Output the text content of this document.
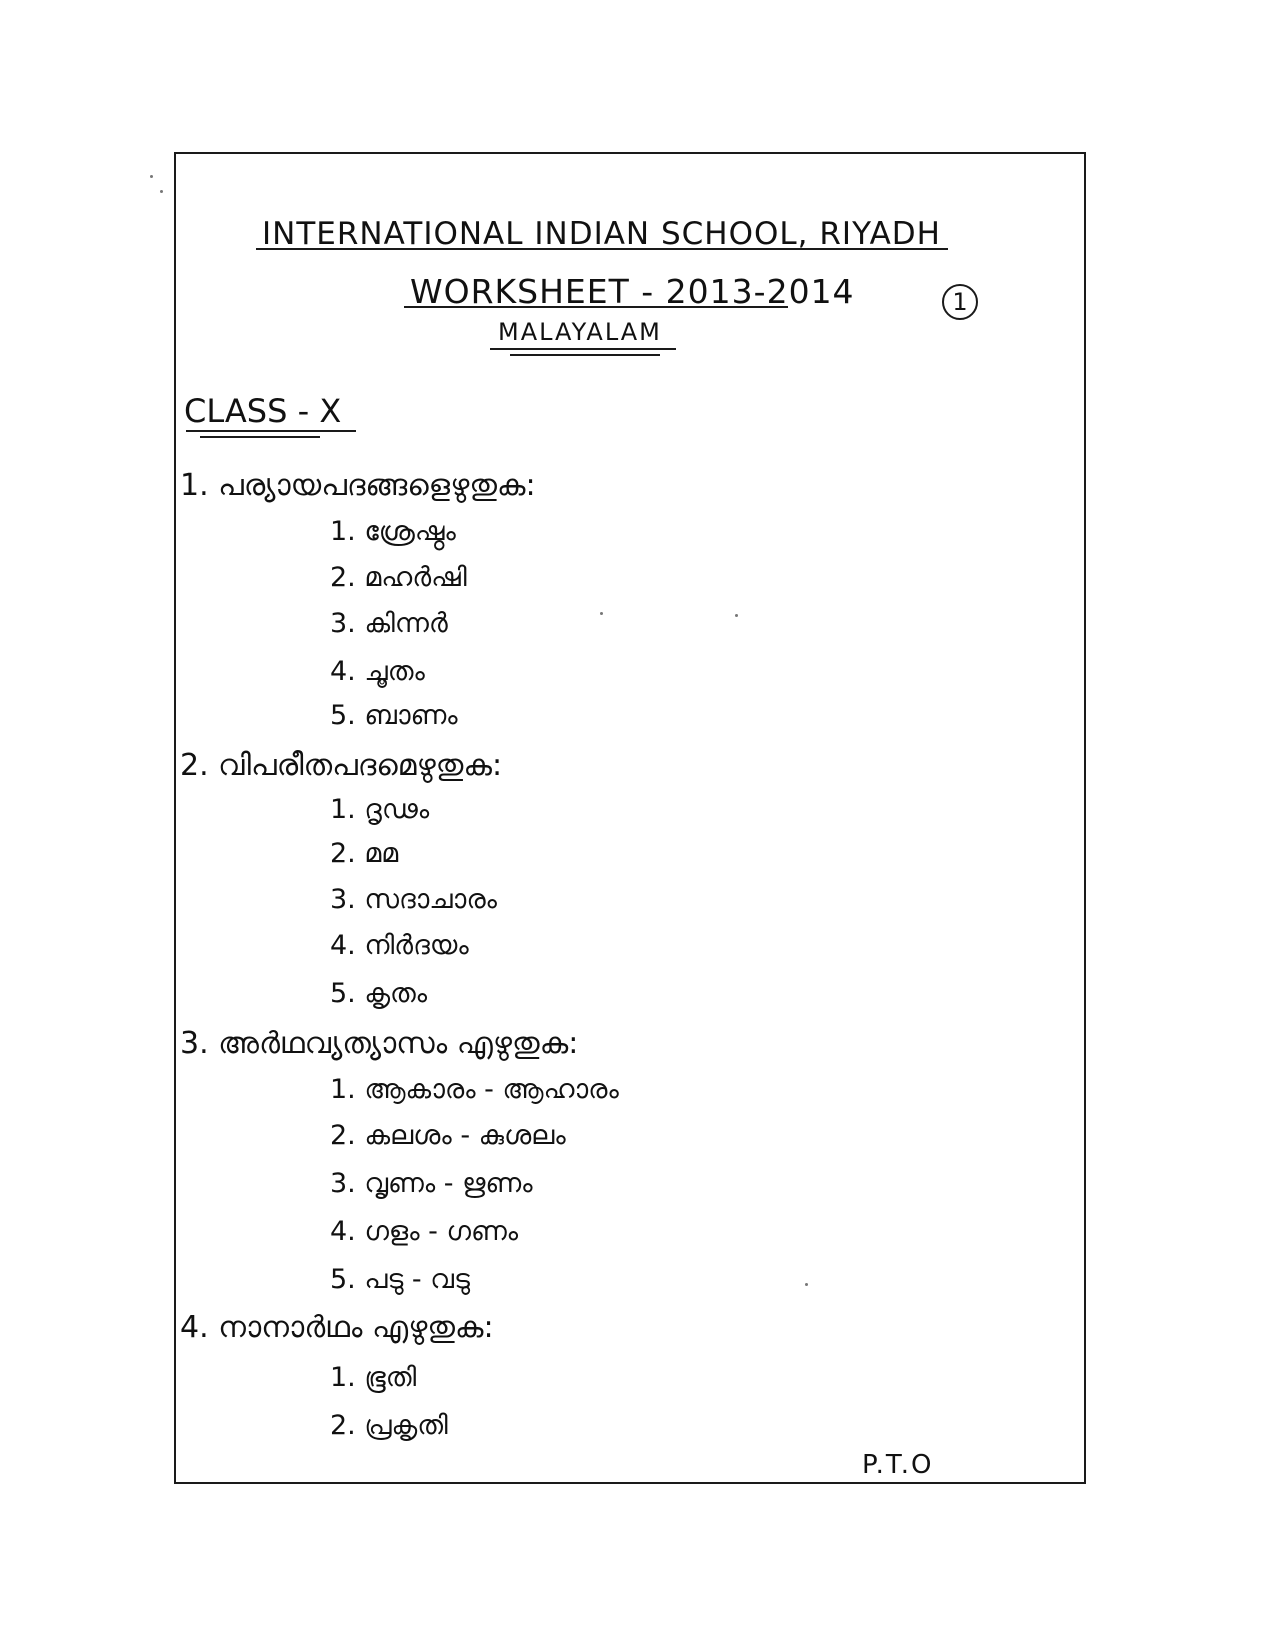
INTERNATIONAL INDIAN SCHOOL, RIYADH
WORKSHEET - 2013-2014
MALAYALAM
1
CLASS - X
1. പര്യായപദങ്ങളെഴുതുക:
1. ശ്രേഷ്ഠം
2. മഹർഷി
3. കിന്നർ
4. ചൂതം
5. ബാണം
2. വിപരീതപദമെഴുതുക:
1. ദൃഢം
2. മമ
3. സദാചാരം
4. നിർദയം
5. കൃതം
3. അർഥവ്യത്യാസം എഴുതുക:
1. ആകാരം - ആഹാരം
2. കലശം - കുശലം
3. വൃണം - ഋണം
4. ഗളം - ഗണം
5. പടു - വടു
4. നാനാർഥം എഴുതുക:
1. ഭൂതി
2. പ്രകൃതി
P.T.O
